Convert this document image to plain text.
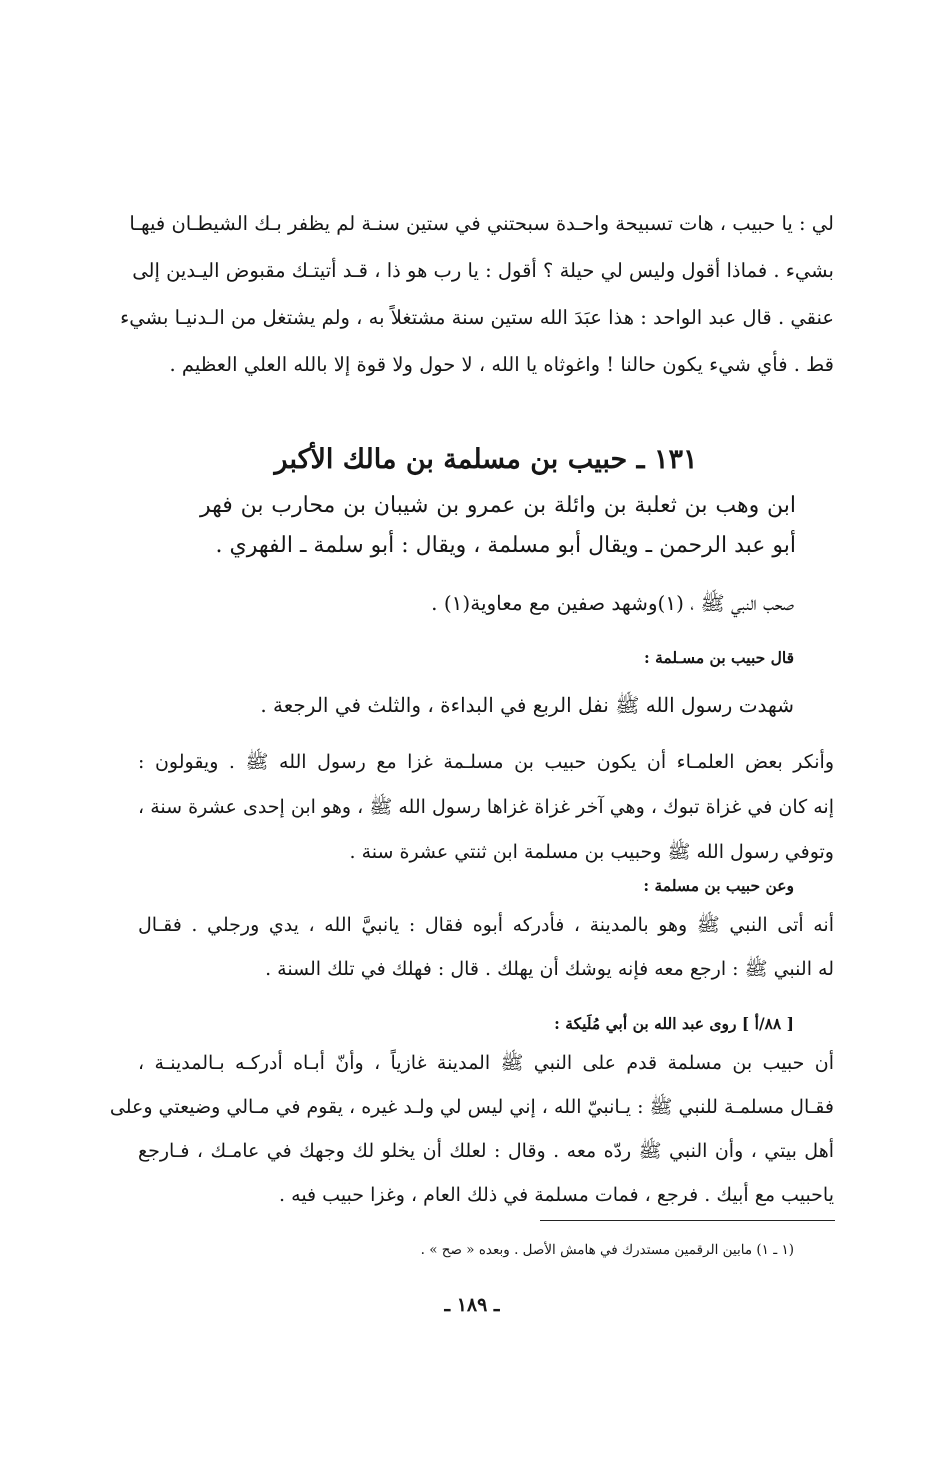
لي : يا حبيب ، هات تسبيحة واحـدة سبحتني في ستين سنـة لم يظفر بـك الشيطـان فيهـا
بشيء . فماذا أقول وليس لي حيلة ؟ أقول : يا رب هو ذا ، قـد أتيتـك مقبوض اليـدين إلى
عنقي . قال عبد الواحد : هذا عبَدَ الله ستين سنة مشتغلاً به ، ولم يشتغل من الـدنيـا بشيء
قط . فأي شيء يكون حالنا ! واغوثاه يا الله ، لا حول ولا قوة إلا بالله العلي العظيم .
١٣١ ـ حبيب بن مسلمة بن مالك الأكبر
ابن وهب بن ثعلبة بن وائلة بن عمرو بن شيبان بن محارب بن فهر
أبو عبد الرحمن ـ ويقال أبو مسلمة ، ويقال : أبو سلمة ـ الفهري .
صحب النبي ﷺ ، (١)وشهد صفين مع معاوية(١) .
قال حبيب بن مسـلمة :
شهدت رسول الله ﷺ نفل الربع في البداءة ، والثلث في الرجعة .
وأنكر بعض العلمـاء أن يكون حبيب بن مسلـمة غزا مع رسول الله ﷺ . ويقولون :
إنه كان في غزاة تبوك ، وهي آخر غزاة غزاها رسول الله ﷺ ، وهو ابن إحدى عشرة سنة ،
وتوفي رسول الله ﷺ وحبيب بن مسلمة ابن ثنتي عشرة سنة .
وعن حبيب بن مسلمة :
أنه أتى النبي ﷺ وهو بالمدينة ، فأدركه أبوه فقال : يانبيَّ الله ، يدي ورجلي . فقـال
له النبي ﷺ : ارجع معه فإنه يوشك أن يهلك . قال : فهلك في تلك السنة .
[ ٨٨/أ ] روى عبد الله بن أبي مُلَيكة :
أن حبيب بن مسلمة قدم على النبي ﷺ المدينة غازياً ، وأنّ أبـاه أدركـه بـالمدينـة ،
فقـال مسلمـة للنبي ﷺ : يـانبيّ الله ، إني ليس لي ولـد غيره ، يقوم في مـالي وضيعتي وعلى
أهل بيتي ، وأن النبي ﷺ ردّه معه . وقال : لعلك أن يخلو لك وجهك في عامـك ، فـارجع
ياحبيب مع أبيك . فرجع ، فمات مسلمة في ذلك العام ، وغزا حبيب فيه .
(١ ـ ١) مابين الرقمين مستدرك في هامش الأصل . وبعده « صح » .
ـ ١٨٩ ـ
